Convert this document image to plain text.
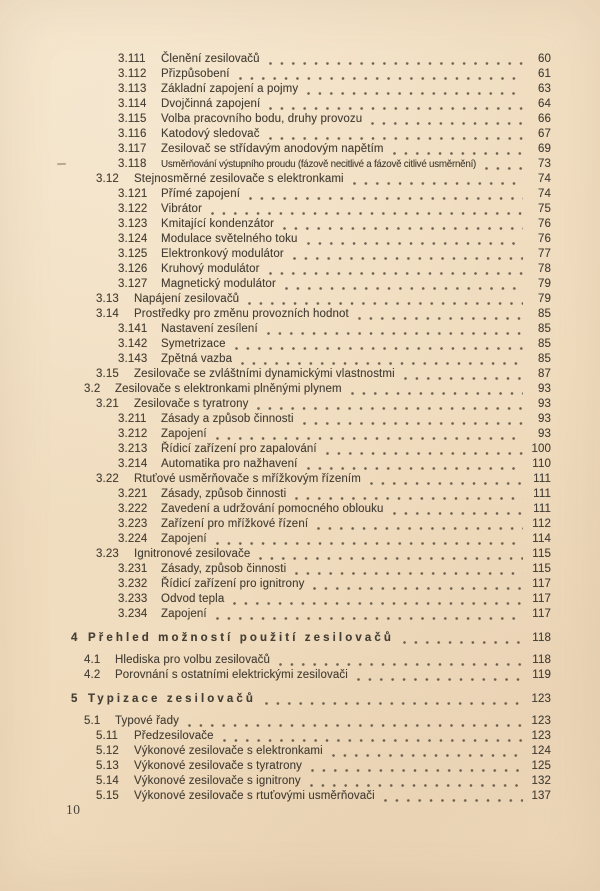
3.111	Členění zesilovačů	60
3.112	Přizpůsobení	61
3.113	Základní zapojení a pojmy	63
3.114	Dvojčinná zapojení	64
3.115	Volba pracovního bodu, druhy provozu	66
3.116	Katodový sledovač	67
3.117	Zesilovač se střídavým anodovým napětím	69
3.118	Usměrňování výstupního proudu (fázově necitlivé a fázově citlivé usměrnění)	73
3.12	Stejnosměrné zesilovače s elektronkami	74
3.121	Přímé zapojení	74
3.122	Vibrátor	75
3.123	Kmitající kondenzátor	76
3.124	Modulace světelného toku	76
3.125	Elektronkový modulátor	77
3.126	Kruhový modulátor	78
3.127	Magnetický modulátor	79
3.13	Napájení zesilovačů	79
3.14	Prostředky pro změnu provozních hodnot	85
3.141	Nastavení zesílení	85
3.142	Symetrizace	85
3.143	Zpětná vazba	85
3.15	Zesilovače se zvláštními dynamickými vlastnostmi	87
3.2	Zesilovače s elektronkami plněnými plynem	93
3.21	Zesilovače s tyratrony	93
3.211	Zásady a způsob činnosti	93
3.212	Zapojení	93
3.213	Řídicí zařízení pro zapalování	100
3.214	Automatika pro nažhavení	110
3.22	Rtuťové usměrňovače s mřížkovým řízením	111
3.221	Zásady, způsob činnosti	111
3.222	Zavedení a udržování pomocného oblouku	111
3.223	Zařízení pro mřížkové řízení	112
3.224	Zapojení	114
3.23	Ignitronové zesilovače	115
3.231	Zásady, způsob činnosti	115
3.232	Řídicí zařízení pro ignitrony	117
3.233	Odvod tepla	117
3.234	Zapojení	117
4 Přehled možností použití zesilovačů	118
4.1	Hlediska pro volbu zesilovačů	118
4.2	Porovnání s ostatními elektrickými zesilovači	119
5 Typizace zesilovačů	123
5.1	Typové řady	123
5.11	Předzesilovače	123
5.12	Výkonové zesilovače s elektronkami	124
5.13	Výkonové zesilovače s tyratrony	125
5.14	Výkonové zesilovače s ignitrony	132
5.15	Výkonové zesilovače s rtuťovými usměrňovači	137
10
